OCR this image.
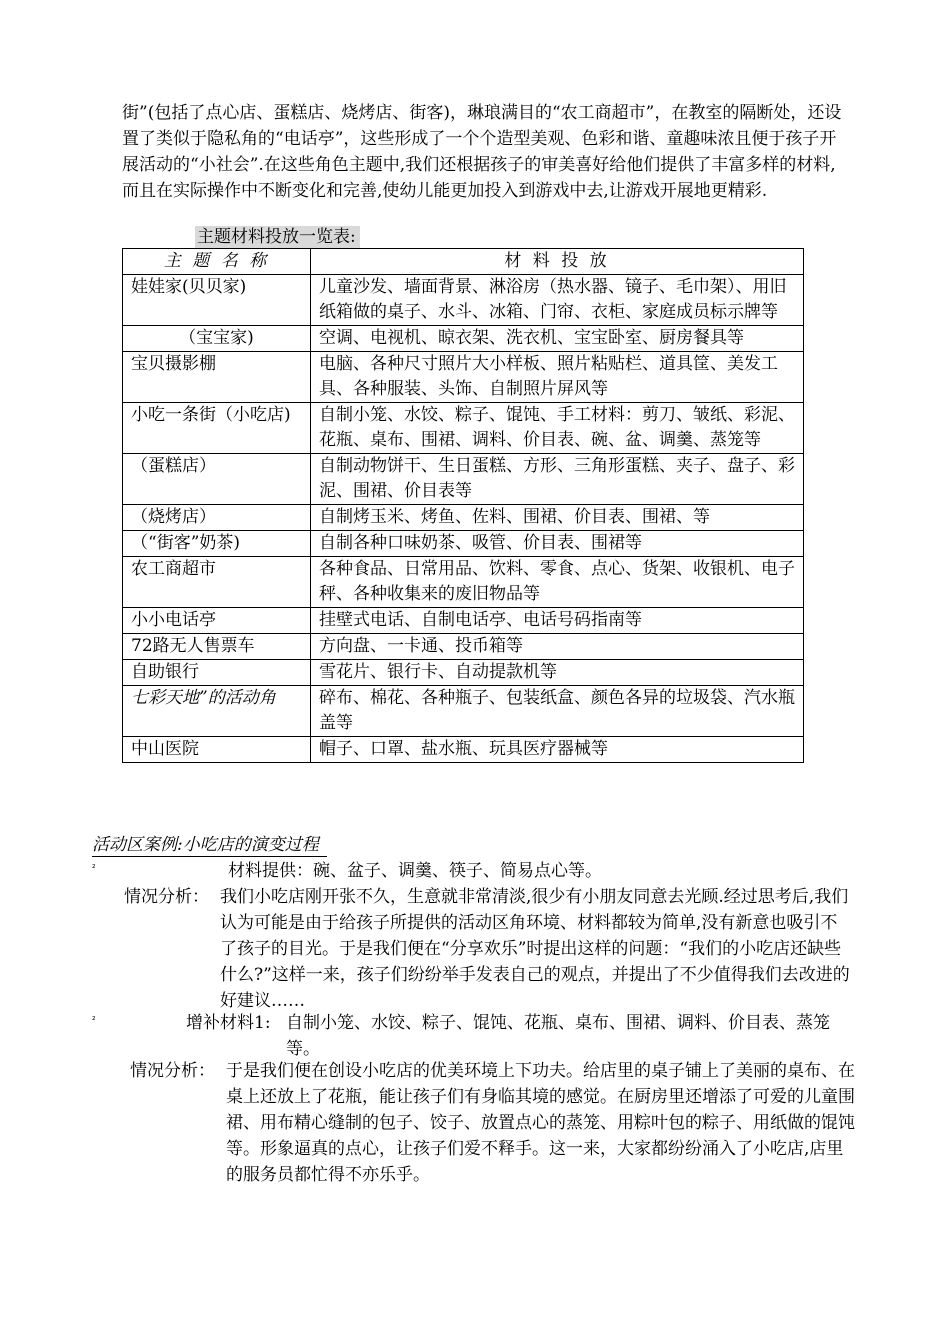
街”(包括了点心店、蛋糕店、烧烤店、街客)，琳琅满目的“农工商超市”，在教室的隔断处，还设置了类似于隐私角的“电话亭”，这些形成了一个个造型美观、色彩和谐、童趣味浓且便于孩子开展活动的“小社会”.在这些角色主题中,我们还根据孩子的审美喜好给他们提供了丰富多样的材料,而且在实际操作中不断变化和完善,使幼儿能更加投入到游戏中去,让游戏开展地更精彩.

主题材料投放一览表:
主 题 名 称	材 料 投 放
娃娃家(贝贝家)	儿童沙发、墙面背景、淋浴房（热水器、镜子、毛巾架）、用旧纸箱做的桌子、水斗、冰箱、门帘、衣柜、家庭成员标示牌等
（宝宝家)	空调、电视机、晾衣架、洗衣机、宝宝卧室、厨房餐具等
宝贝摄影棚	电脑、各种尺寸照片大小样板、照片粘贴栏、道具筐、美发工具、各种服装、头饰、自制照片屏风等
小吃一条街（小吃店)	自制小笼、水饺、粽子、馄饨、手工材料：剪刀、皱纸、彩泥、花瓶、桌布、围裙、调料、价目表、碗、盆、调羹、蒸笼等
（蛋糕店）	自制动物饼干、生日蛋糕、方形、三角形蛋糕、夹子、盘子、彩泥、围裙、价目表等
（烧烤店）	自制烤玉米、烤鱼、佐料、围裙、价目表、围裙、等
（“街客”奶茶)	自制各种口味奶茶、吸管、价目表、围裙等
农工商超市	各种食品、日常用品、饮料、零食、点心、货架、收银机、电子秤、各种收集来的废旧物品等
小小电话亭	挂壁式电话、自制电话亭、电话号码指南等
72路无人售票车	方向盘、一卡通、投币箱等
自助银行	雪花片、银行卡、自动提款机等
七彩天地”的活动角	碎布、棉花、各种瓶子、包装纸盒、颜色各异的垃圾袋、汽水瓶盖等
中山医院	帽子、口罩、盐水瓶、玩具医疗器械等
活动区案例:小吃店的演变过程
²	材料提供：碗、盆子、调羹、筷子、简易点心等。

情况分析： 我们小吃店刚开张不久，生意就非常清淡,很少有小朋友同意去光顾.经过思考后,我们认为可能是由于给孩子所提供的活动区角环境、材料都较为简单,没有新意也吸引不了孩子的目光。于是我们便在“分享欢乐”时提出这样的问题：“我们的小吃店还缺些什么?”这样一来，孩子们纷纷举手发表自己的观点，并提出了不少值得我们去改进的好建议……
²	增补材料1: 自制小笼、水饺、粽子、馄饨、花瓶、桌布、围裙、调料、价目表、蒸笼等。
情况分析： 于是我们便在创设小吃店的优美环境上下功夫。给店里的桌子铺上了美丽的桌布、在桌上还放上了花瓶，能让孩子们有身临其境的感觉。在厨房里还增添了可爱的儿童围裙、用布精心缝制的包子、饺子、放置点心的蒸笼、用粽叶包的粽子、用纸做的馄饨等。形象逼真的点心，让孩子们爱不释手。这一来，大家都纷纷涌入了小吃店,店里的服务员都忙得不亦乐乎。
